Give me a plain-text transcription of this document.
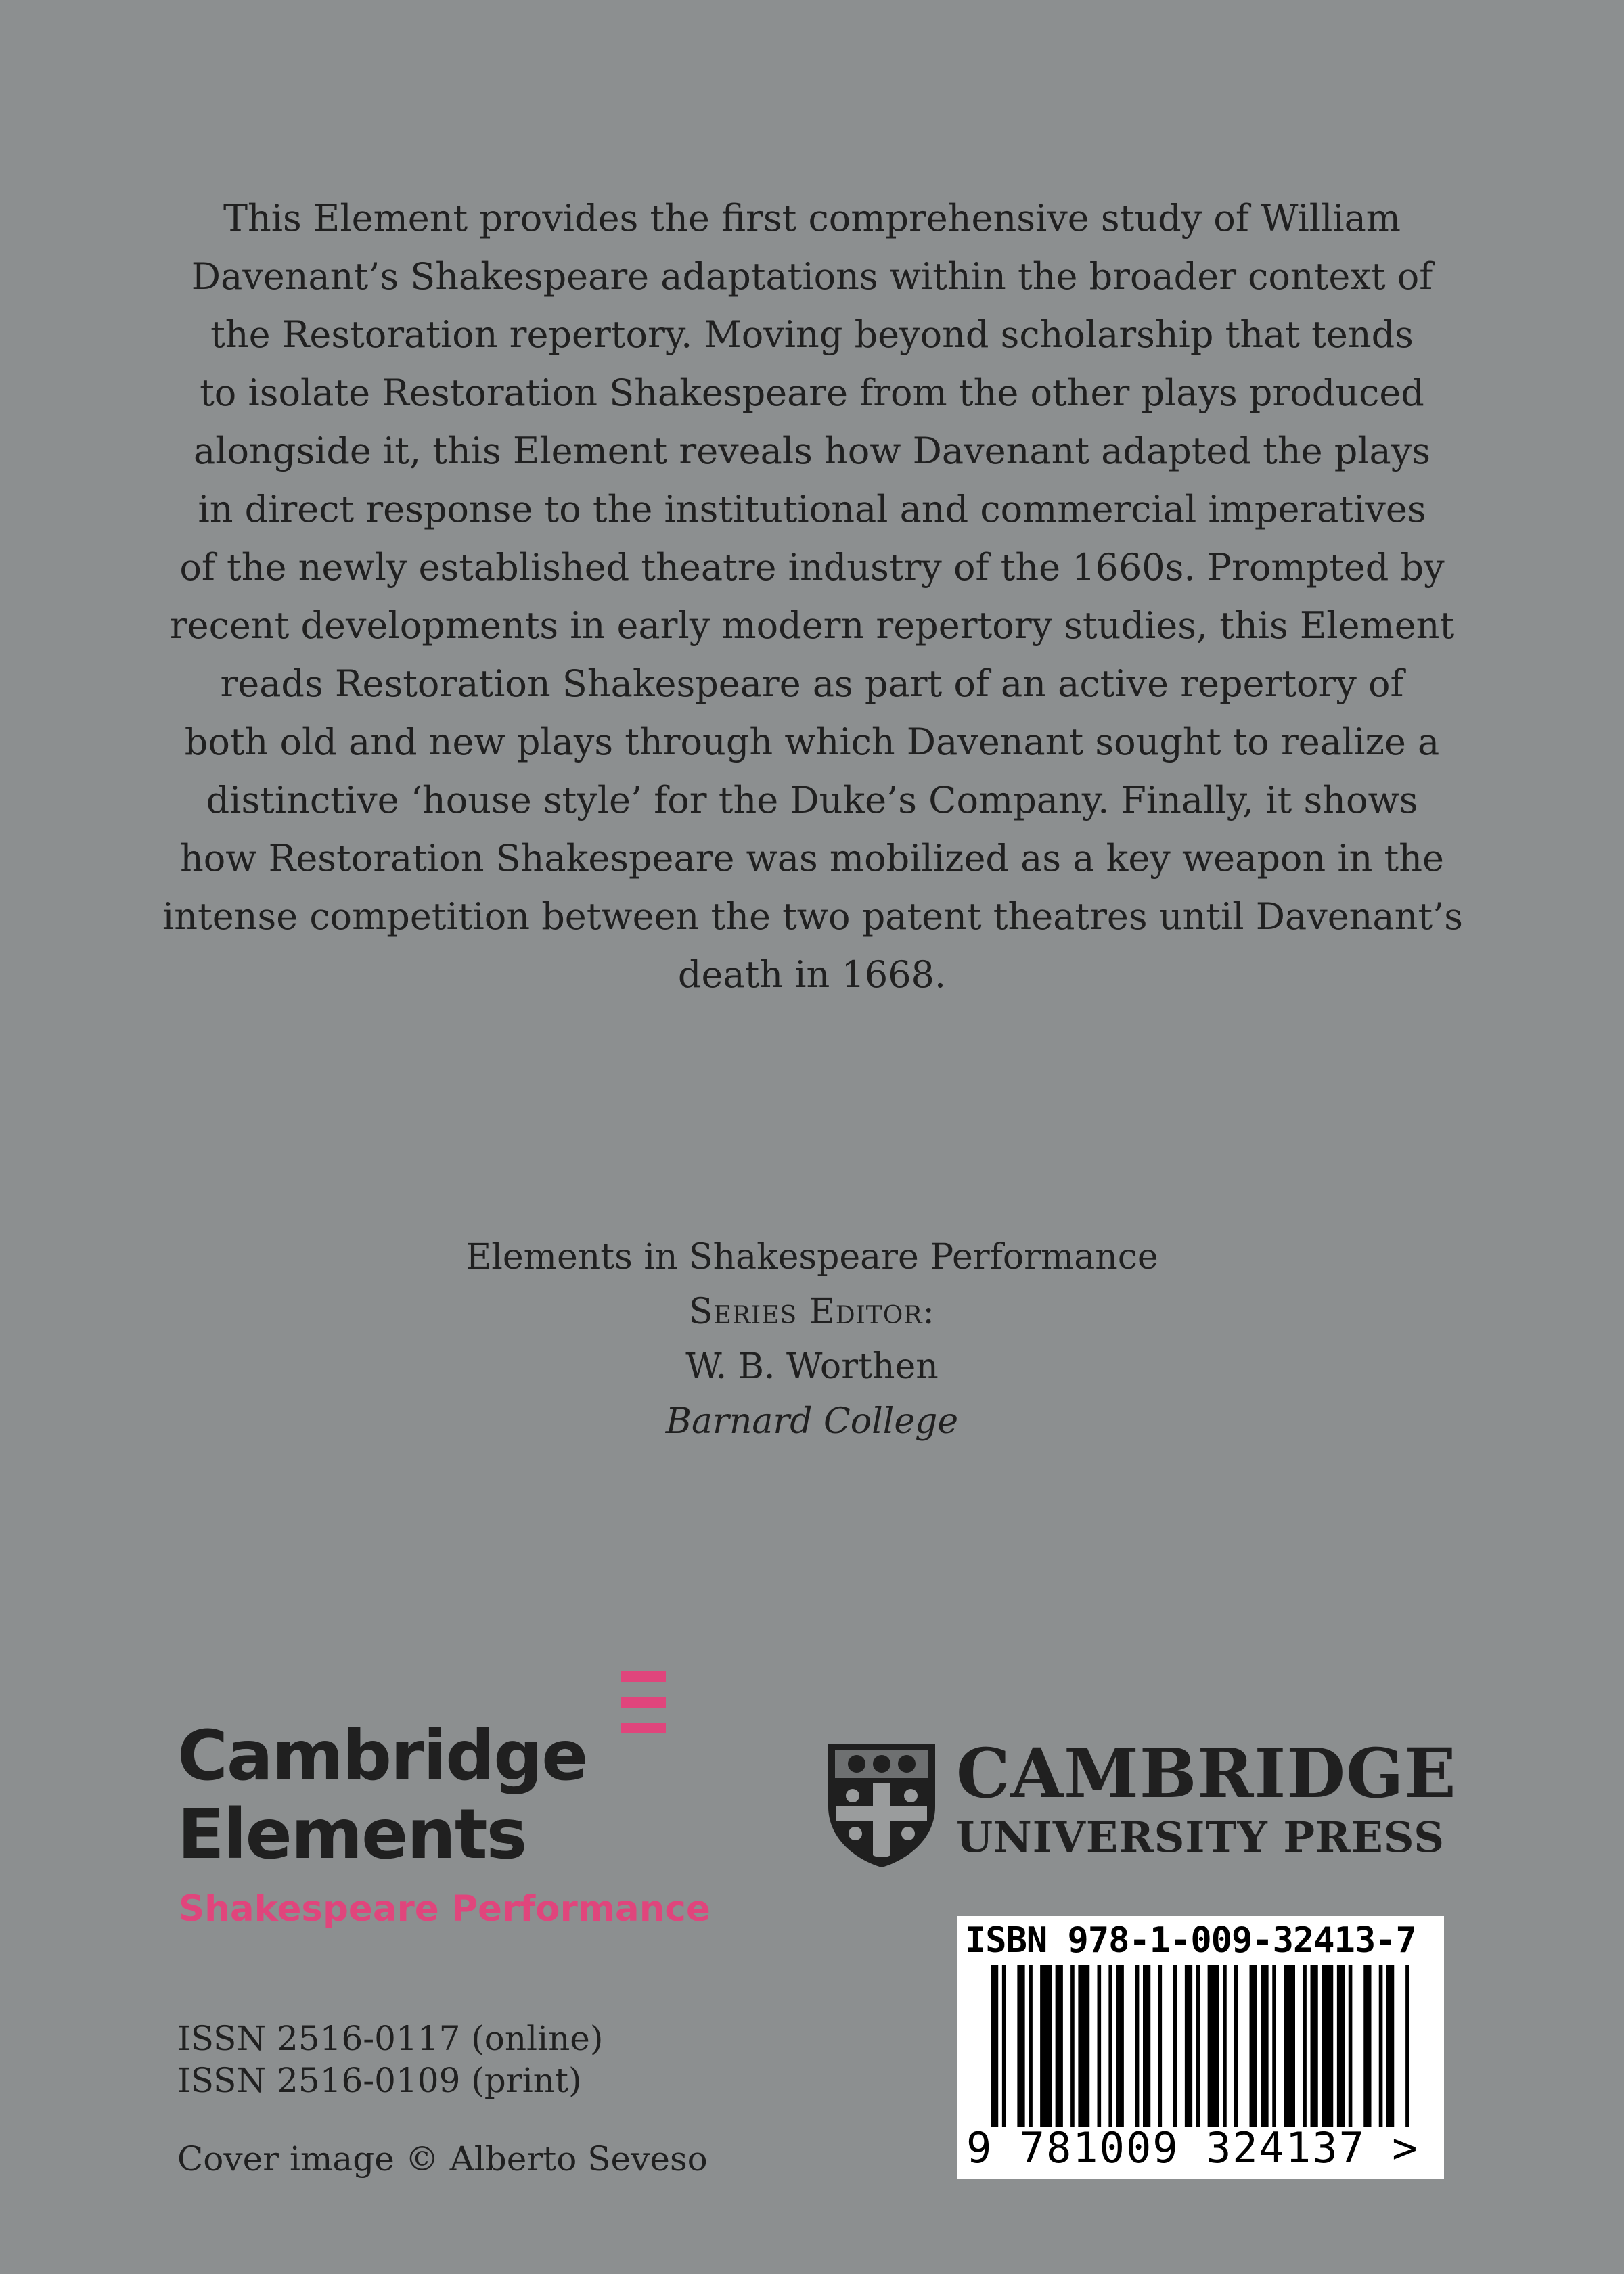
This Element provides the first comprehensive study of William
Davenant’s Shakespeare adaptations within the broader context of
the Restoration repertory. Moving beyond scholarship that tends
to isolate Restoration Shakespeare from the other plays produced
alongside it, this Element reveals how Davenant adapted the plays
in direct response to the institutional and commercial imperatives
of the newly established theatre industry of the 1660s. Prompted by
recent developments in early modern repertory studies, this Element
reads Restoration Shakespeare as part of an active repertory of
both old and new plays through which Davenant sought to realize a
distinctive ‘house style’ for the Duke’s Company. Finally, it shows
how Restoration Shakespeare was mobilized as a key weapon in the
intense competition between the two patent theatres until Davenant’s
death in 1668.
Elements in Shakespeare Performance
Series Editor:
W. B. Worthen
Barnard College
Cambridge
Elements
Shakespeare Performance
CAMBRIDGE
UNIVERSITY PRESS
ISSN 2516-0117 (online)
ISSN 2516-0109 (print)
Cover image © Alberto Seveso
ISBN 978-1-009-32413-7
9 781009 324137 >
